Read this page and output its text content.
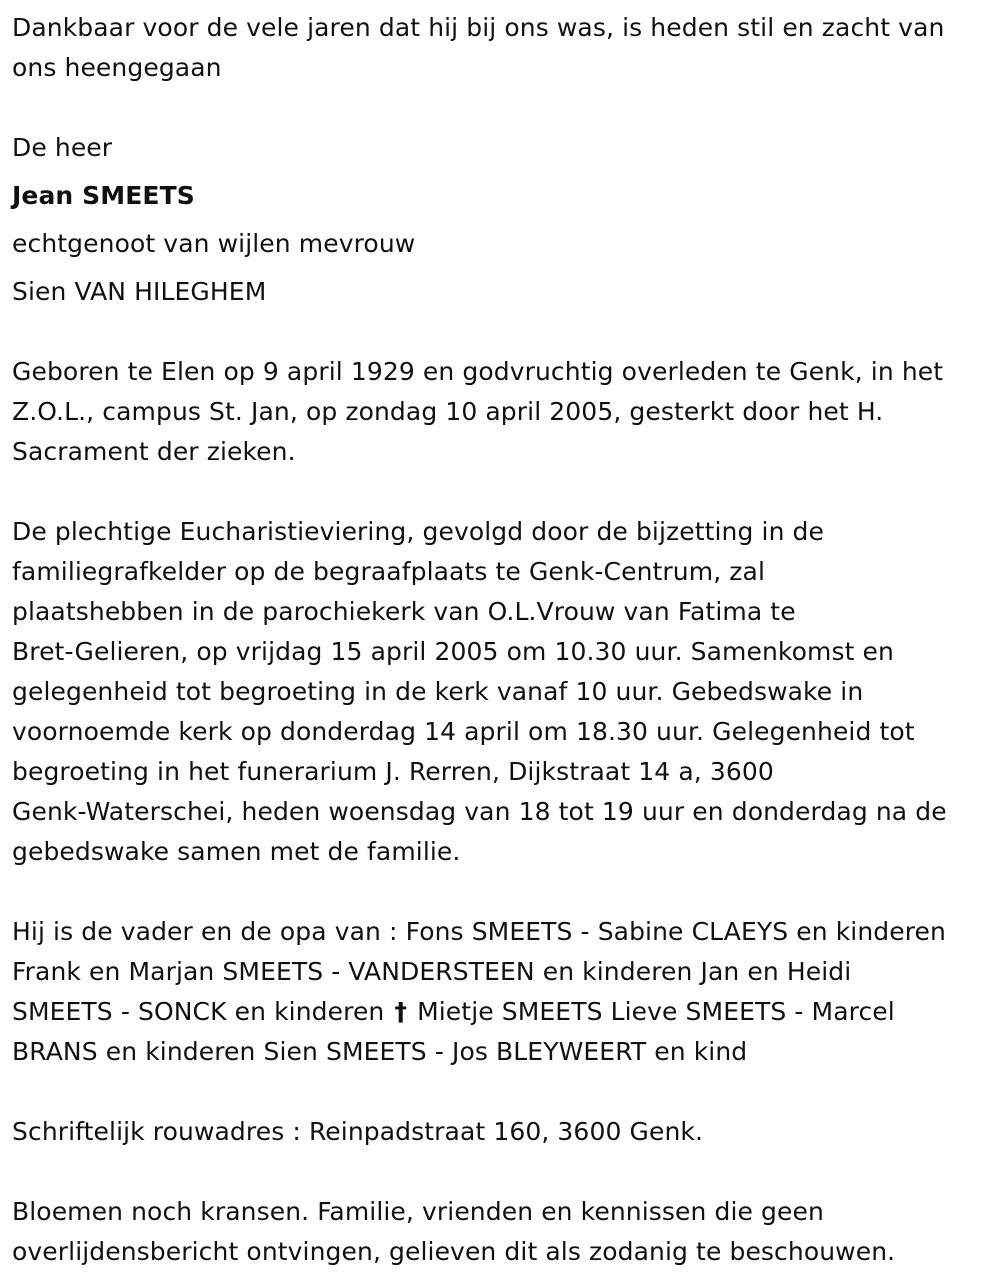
Dankbaar voor de vele jaren dat hij bij ons was, is heden stil en zacht van

ons heengegaan

De heer

Jean SMEETS

echtgenoot van wijlen mevrouw

Sien VAN HILEGHEM

Geboren te Elen op 9 april 1929 en godvruchtig overleden te Genk, in het

Z.O.L., campus St. Jan, op zondag 10 april 2005, gesterkt door het H.

Sacrament der zieken.

De plechtige Eucharistieviering, gevolgd door de bijzetting in de

familiegrafkelder op de begraafplaats te Genk-Centrum, zal

plaatshebben in de parochiekerk van O.L.Vrouw van Fatima te

Bret-Gelieren, op vrijdag 15 april 2005 om 10.30 uur. Samenkomst en

gelegenheid tot begroeting in de kerk vanaf 10 uur. Gebedswake in

voornoemde kerk op donderdag 14 april om 18.30 uur. Gelegenheid tot

begroeting in het funerarium J. Rerren, Dijkstraat 14 a, 3600

Genk-Waterschei, heden woensdag van 18 tot 19 uur en donderdag na de

gebedswake samen met de familie.

Hij is de vader en de opa van : Fons SMEETS - Sabine CLAEYS en kinderen

Frank en Marjan SMEETS - VANDERSTEEN en kinderen Jan en Heidi

SMEETS - SONCK en kinderen † Mietje SMEETS Lieve SMEETS - Marcel

BRANS en kinderen Sien SMEETS - Jos BLEYWEERT en kind

Schriftelijk rouwadres : Reinpadstraat 160, 3600 Genk.

Bloemen noch kransen. Familie, vrienden en kennissen die geen

overlijdensbericht ontvingen, gelieven dit als zodanig te beschouwen.
